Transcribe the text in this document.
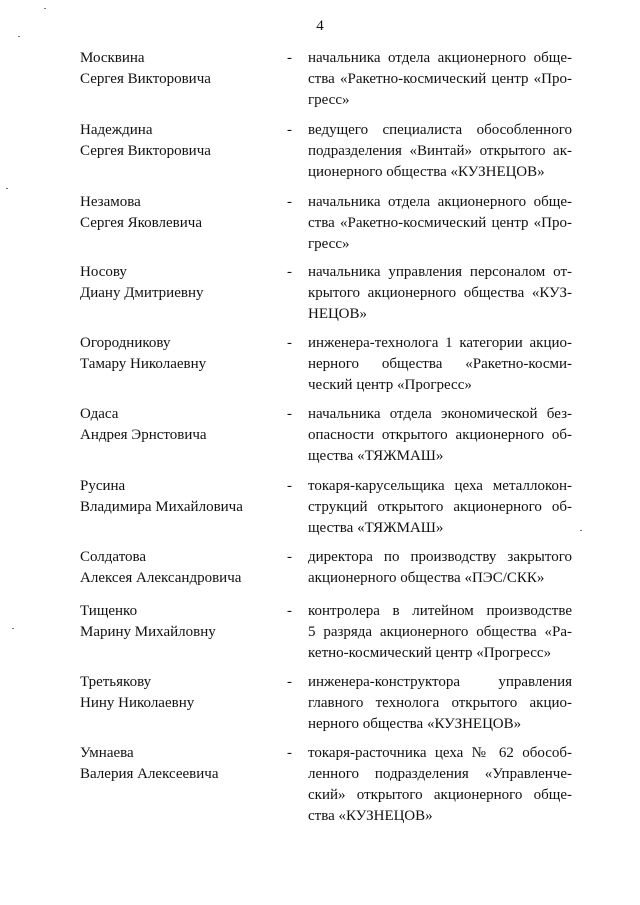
4
Москвина
Сергея Викторовича
- начальника отдела акционерного обще-
ства «Ракетно-космический центр «Про-
гресс»
Надеждина
Сергея Викторовича
- ведущего специалиста обособленного
подразделения «Винтай» открытого ак-
ционерного общества «КУЗНЕЦОВ»
Незамова
Сергея Яковлевича
- начальника отдела акционерного обще-
ства «Ракетно-космический центр «Про-
гресс»
Носову
Диану Дмитриевну
- начальника управления персоналом от-
крытого акционерного общества «КУЗ-
НЕЦОВ»
Огородникову
Тамару Николаевну
- инженера-технолога 1 категории акцио-
нерного общества «Ракетно-косми-
ческий центр «Прогресс»
Одаса
Андрея Эрнстовича
- начальника отдела экономической без-
опасности открытого акционерного об-
щества «ТЯЖМАШ»
Русина
Владимира Михайловича
- токаря-карусельщика цеха металлокон-
струкций открытого акционерного об-
щества «ТЯЖМАШ»
Солдатова
Алексея Александровича
- директора по производству закрытого
акционерного общества «ПЭС/СКК»
Тищенко
Марину Михайловну
- контролера в литейном производстве
5 разряда акционерного общества «Ра-
кетно-космический центр «Прогресс»
Третьякову
Нину Николаевну
- инженера-конструктора управления
главного технолога открытого акцио-
нерного общества «КУЗНЕЦОВ»
Умнаева
Валерия Алексеевича
- токаря-расточника цеха № 62 обособ-
ленного подразделения «Управленче-
ский» открытого акционерного обще-
ства «КУЗНЕЦОВ»
